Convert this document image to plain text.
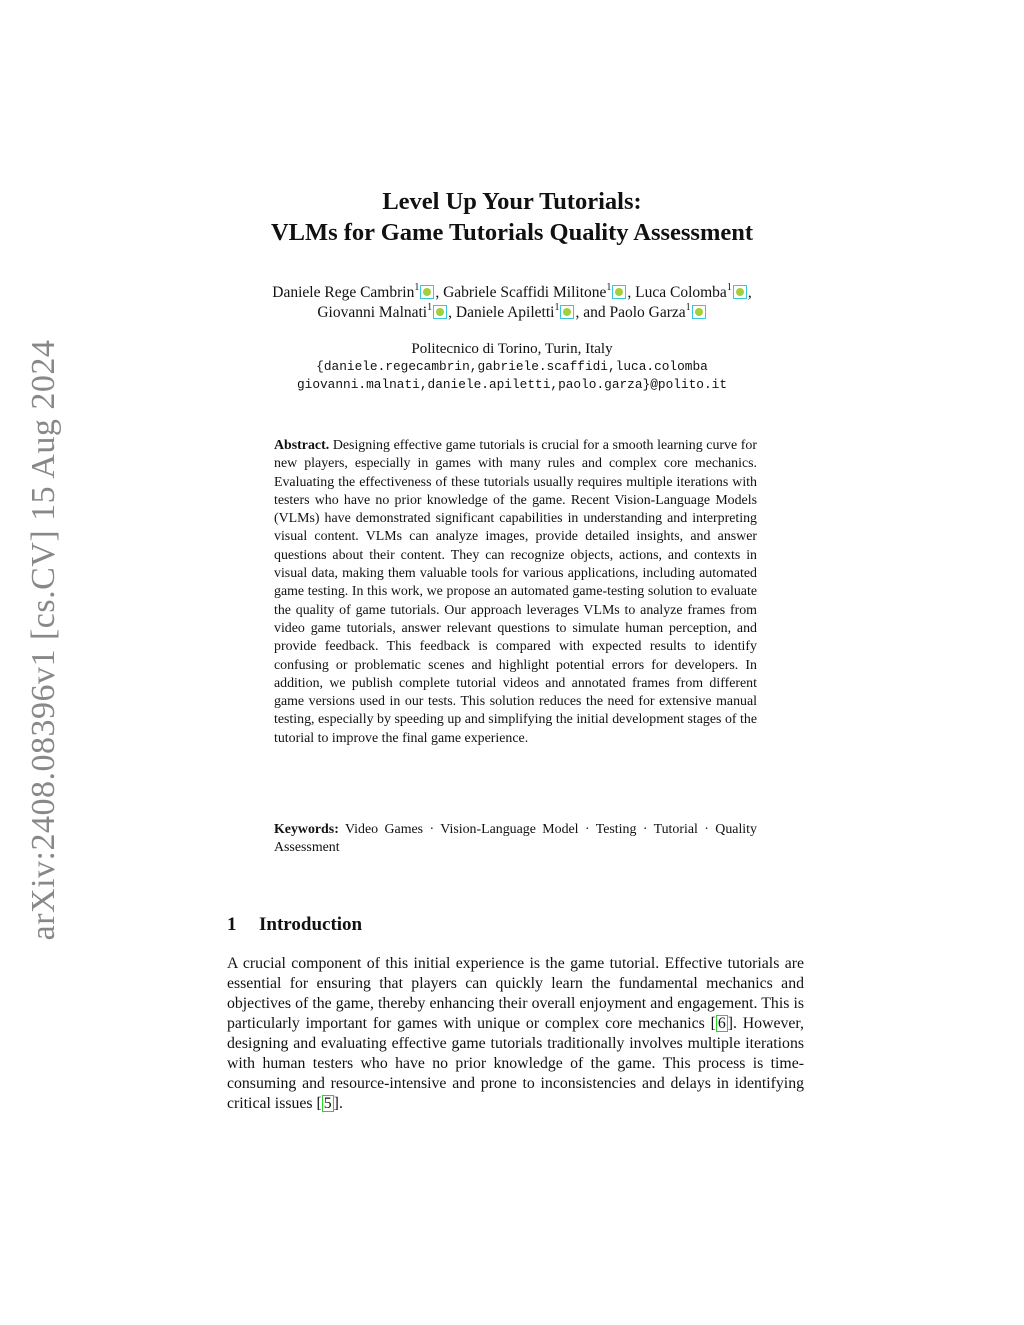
arXiv:2408.08396v1 [cs.CV] 15 Aug 2024
Level Up Your Tutorials:
VLMs for Game Tutorials Quality Assessment
Daniele Rege Cambrin$^1$ , Gabriele Scaffidi Militone$^1$ , Luca Colomba$^1$ ,
Giovanni Malnati$^1$ , Daniele Apiletti$^1$ , and Paolo Garza$^1$
Politecnico di Torino, Turin, Italy
{daniele.regecambrin,gabriele.scaffidi,luca.colomba
giovanni.malnati,daniele.apiletti,paolo.garza}@polito.it
Abstract. Designing effective game tutorials is crucial for a smooth learning curve for new players, especially in games with many rules and complex core mechanics. Evaluating the effectiveness of these tutorials usually requires multiple iterations with testers who have no prior knowledge of the game. Recent Vision-Language Models (VLMs) have demonstrated significant capabilities in understanding and interpreting visual content. VLMs can analyze images, provide detailed insights, and answer questions about their content. They can recognize objects, actions, and contexts in visual data, making them valuable tools for various applications, including automated game testing. In this work, we propose an automated game-testing solution to evaluate the quality of game tutorials. Our approach leverages VLMs to analyze frames from video game tutorials, answer relevant questions to simulate human perception, and provide feedback. This feedback is compared with expected results to identify confusing or problematic scenes and highlight potential errors for developers. In addition, we publish complete tutorial videos and annotated frames from different game versions used in our tests. This solution reduces the need for extensive manual testing, especially by speeding up and simplifying the initial development stages of the tutorial to improve the final game experience.
Keywords: Video Games · Vision-Language Model · Testing · Tutorial · Quality Assessment
1 Introduction
A crucial component of this initial experience is the game tutorial. Effective tutorials are essential for ensuring that players can quickly learn the fundamental mechanics and objectives of the game, thereby enhancing their overall enjoyment and engagement. This is particularly important for games with unique or complex core mechanics [ 6 ]. However, designing and evaluating effective game tutorials traditionally involves multiple iterations with human testers who have no prior knowledge of the game. This process is time-consuming and resource-intensive and prone to inconsistencies and delays in identifying critical issues [ 5 ].
